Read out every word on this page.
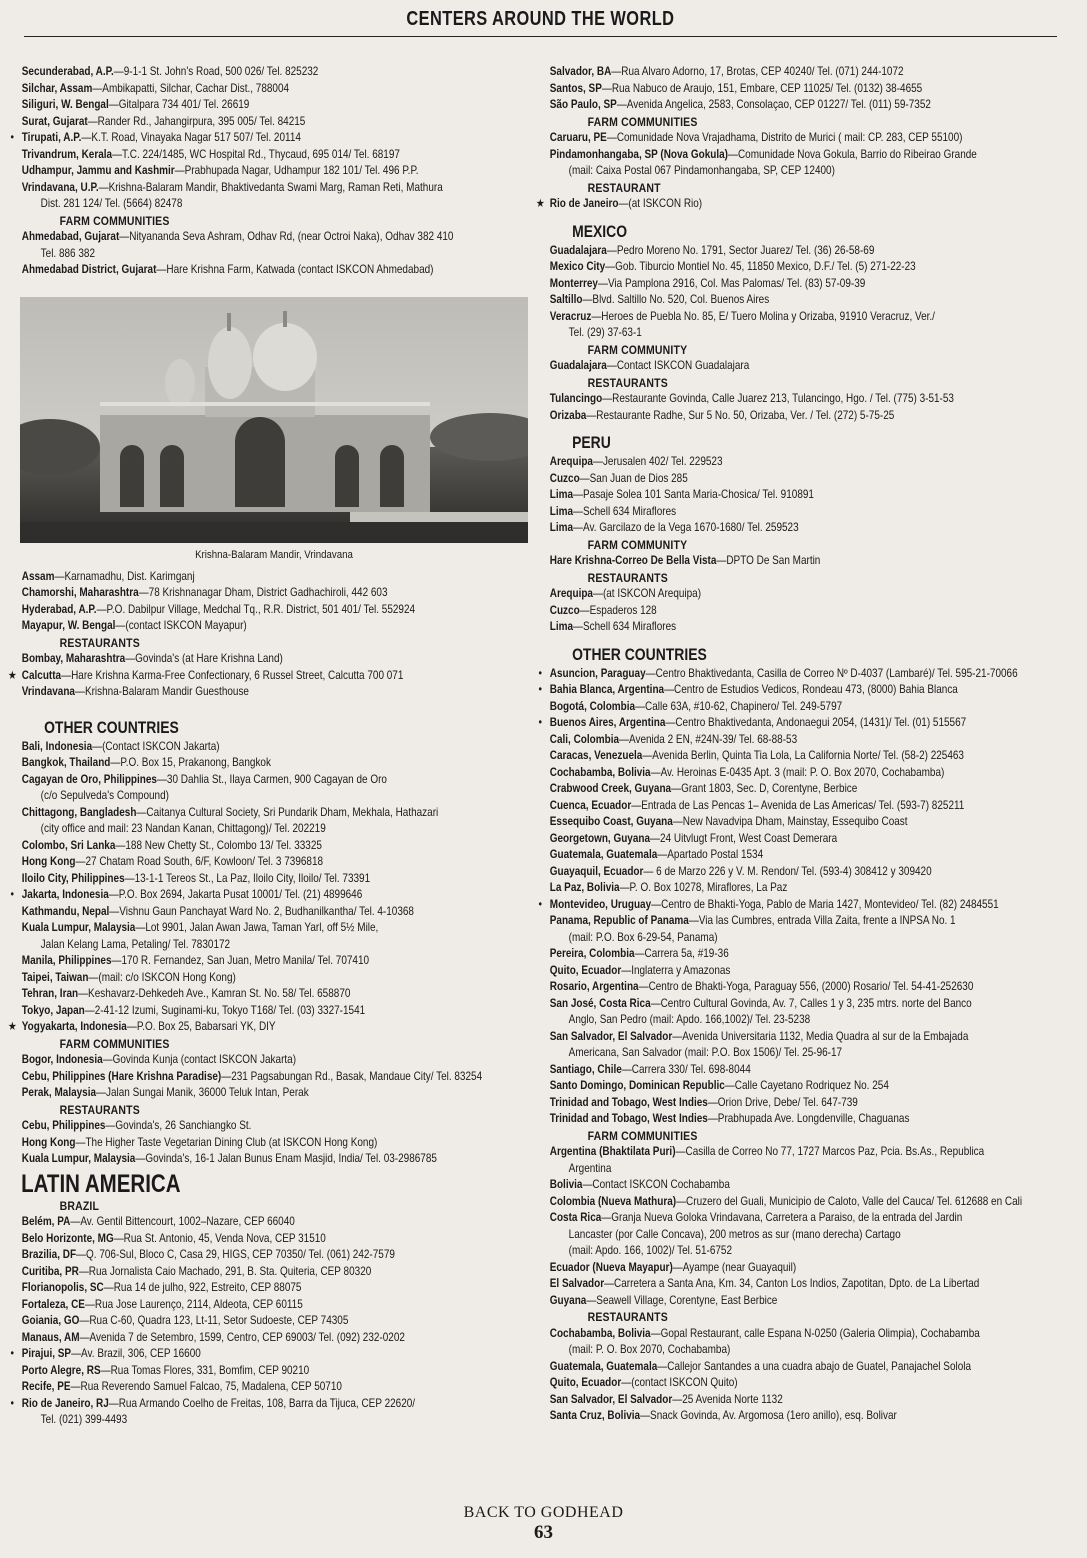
CENTERS AROUND THE WORLD
Secunderabad, A.P.—9-1-1 St. John's Road, 500 026/ Tel. 825232
Silchar, Assam—Ambikapatti, Silchar, Cachar Dist., 788004
Siliguri, W. Bengal—Gitalpara 734 401/ Tel. 26619
Surat, Gujarat—Rander Rd., Jahangirpura, 395 005/ Tel. 84215
• Tirupati, A.P.—K.T. Road, Vinayaka Nagar 517 507/ Tel. 20114
Trivandrum, Kerala—T.C. 224/1485, WC Hospital Rd., Thycaud, 695 014/ Tel. 68197
Udhampur, Jammu and Kashmir—Prabhupada Nagar, Udhampur 182 101/ Tel. 496 P.P.
Vrindavana, U.P.—Krishna-Balaram Mandir, Bhaktivedanta Swami Marg, Raman Reti, Mathura
Dist. 281 124/ Tel. (5664) 82478
FARM COMMUNITIES
Ahmedabad, Gujarat—Nityananda Seva Ashram, Odhav Rd, (near Octroi Naka), Odhav 382 410
Tel. 886 382
Ahmedabad District, Gujarat—Hare Krishna Farm, Katwada (contact ISKCON Ahmedabad)
Krishna-Balaram Mandir, Vrindavana
Assam—Karnamadhu, Dist. Karimganj
Chamorshi, Maharashtra—78 Krishnanagar Dham, District Gadhachiroli, 442 603
Hyderabad, A.P.—P.O. Dabilpur Village, Medchal Tq., R.R. District, 501 401/ Tel. 552924
Mayapur, W. Bengal—(contact ISKCON Mayapur)
RESTAURANTS
Bombay, Maharashtra—Govinda's (at Hare Krishna Land)
★ Calcutta—Hare Krishna Karma-Free Confectionary, 6 Russel Street, Calcutta 700 071
Vrindavana—Krishna-Balaram Mandir Guesthouse
OTHER COUNTRIES
Bali, Indonesia—(Contact ISKCON Jakarta)
Bangkok, Thailand—P.O. Box 15, Prakanong, Bangkok
Cagayan de Oro, Philippines—30 Dahlia St., Ilaya Carmen, 900 Cagayan de Oro
(c/o Sepulveda's Compound)
Chittagong, Bangladesh—Caitanya Cultural Society, Sri Pundarik Dham, Mekhala, Hathazari
(city office and mail: 23 Nandan Kanan, Chittagong)/ Tel. 202219
Colombo, Sri Lanka—188 New Chetty St., Colombo 13/ Tel. 33325
Hong Kong—27 Chatam Road South, 6/F, Kowloon/ Tel. 3 7396818
Iloilo City, Philippines—13-1-1 Tereos St., La Paz, Iloilo City, Iloilo/ Tel. 73391
• Jakarta, Indonesia—P.O. Box 2694, Jakarta Pusat 10001/ Tel. (21) 4899646
Kathmandu, Nepal—Vishnu Gaun Panchayat Ward No. 2, Budhanilkantha/ Tel. 4-10368
Kuala Lumpur, Malaysia—Lot 9901, Jalan Awan Jawa, Taman Yarl, off 5½ Mile,
Jalan Kelang Lama, Petaling/ Tel. 7830172
Manila, Philippines—170 R. Fernandez, San Juan, Metro Manila/ Tel. 707410
Taipei, Taiwan—(mail: c/o ISKCON Hong Kong)
Tehran, Iran—Keshavarz-Dehkedeh Ave., Kamran St. No. 58/ Tel. 658870
Tokyo, Japan—2-41-12 Izumi, Suginami-ku, Tokyo T168/ Tel. (03) 3327-1541
★ Yogyakarta, Indonesia—P.O. Box 25, Babarsari YK, DIY
FARM COMMUNITIES
Bogor, Indonesia—Govinda Kunja (contact ISKCON Jakarta)
Cebu, Philippines (Hare Krishna Paradise)—231 Pagsabungan Rd., Basak, Mandaue City/ Tel. 83254
Perak, Malaysia—Jalan Sungai Manik, 36000 Teluk Intan, Perak
RESTAURANTS
Cebu, Philippines—Govinda's, 26 Sanchiangko St.
Hong Kong—The Higher Taste Vegetarian Dining Club (at ISKCON Hong Kong)
Kuala Lumpur, Malaysia—Govinda's, 16-1 Jalan Bunus Enam Masjid, India/ Tel. 03-2986785
LATIN AMERICA
BRAZIL
Belém, PA—Av. Gentil Bittencourt, 1002–Nazare, CEP 66040
Belo Horizonte, MG—Rua St. Antonio, 45, Venda Nova, CEP 31510
Brazilia, DF—Q. 706-Sul, Bloco C, Casa 29, HIGS, CEP 70350/ Tel. (061) 242-7579
Curitiba, PR—Rua Jornalista Caio Machado, 291, B. Sta. Quiteria, CEP 80320
Florianopolis, SC—Rua 14 de julho, 922, Estreito, CEP 88075
Fortaleza, CE—Rua Jose Laurenço, 2114, Aldeota, CEP 60115
Goiania, GO—Rua C-60, Quadra 123, Lt-11, Setor Sudoeste, CEP 74305
Manaus, AM—Avenida 7 de Setembro, 1599, Centro, CEP 69003/ Tel. (092) 232-0202
• Pirajui, SP—Av. Brazil, 306, CEP 16600
Porto Alegre, RS—Rua Tomas Flores, 331, Bomfim, CEP 90210
Recife, PE—Rua Reverendo Samuel Falcao, 75, Madalena, CEP 50710
• Rio de Janeiro, RJ—Rua Armando Coelho de Freitas, 108, Barra da Tijuca, CEP 22620/
Tel. (021) 399-4493
Salvador, BA—Rua Alvaro Adorno, 17, Brotas, CEP 40240/ Tel. (071) 244-1072
Santos, SP—Rua Nabuco de Araujo, 151, Embare, CEP 11025/ Tel. (0132) 38-4655
São Paulo, SP—Avenida Angelica, 2583, Consolaçao, CEP 01227/ Tel. (011) 59-7352
FARM COMMUNITIES
Caruaru, PE—Comunidade Nova Vrajadhama, Distrito de Murici ( mail: CP. 283, CEP 55100)
Pindamonhangaba, SP (Nova Gokula)—Comunidade Nova Gokula, Barrio do Ribeirao Grande
(mail: Caixa Postal 067 Pindamonhangaba, SP, CEP 12400)
RESTAURANT
★ Rio de Janeiro—(at ISKCON Rio)
MEXICO
Guadalajara—Pedro Moreno No. 1791, Sector Juarez/ Tel. (36) 26-58-69
Mexico City—Gob. Tiburcio Montiel No. 45, 11850 Mexico, D.F./ Tel. (5) 271-22-23
Monterrey—Via Pamplona 2916, Col. Mas Palomas/ Tel. (83) 57-09-39
Saltillo—Blvd. Saltillo No. 520, Col. Buenos Aires
Veracruz—Heroes de Puebla No. 85, E/ Tuero Molina y Orizaba, 91910 Veracruz, Ver./
Tel. (29) 37-63-1
FARM COMMUNITY
Guadalajara—Contact ISKCON Guadalajara
RESTAURANTS
Tulancingo—Restaurante Govinda, Calle Juarez 213, Tulancingo, Hgo. / Tel. (775) 3-51-53
Orizaba—Restaurante Radhe, Sur 5 No. 50, Orizaba, Ver. / Tel. (272) 5-75-25
PERU
Arequipa—Jerusalen 402/ Tel. 229523
Cuzco—San Juan de Dios 285
Lima—Pasaje Solea 101 Santa Maria-Chosica/ Tel. 910891
Lima—Schell 634 Miraflores
Lima—Av. Garcilazo de la Vega 1670-1680/ Tel. 259523
FARM COMMUNITY
Hare Krishna-Correo De Bella Vista—DPTO De San Martin
RESTAURANTS
Arequipa—(at ISKCON Arequipa)
Cuzco—Espaderos 128
Lima—Schell 634 Miraflores
OTHER COUNTRIES
• Asuncion, Paraguay—Centro Bhaktivedanta, Casilla de Correo Nº D-4037 (Lambaré)/ Tel. 595-21-70066
• Bahia Blanca, Argentina—Centro de Estudios Vedicos, Rondeau 473, (8000) Bahia Blanca
Bogotá, Colombia—Calle 63A, #10-62, Chapinero/ Tel. 249-5797
• Buenos Aires, Argentina—Centro Bhaktivedanta, Andonaegui 2054, (1431)/ Tel. (01) 515567
Cali, Colombia—Avenida 2 EN, #24N-39/ Tel. 68-88-53
Caracas, Venezuela—Avenida Berlin, Quinta Tia Lola, La California Norte/ Tel. (58-2) 225463
Cochabamba, Bolivia—Av. Heroinas E-0435 Apt. 3 (mail: P. O. Box 2070, Cochabamba)
Crabwood Creek, Guyana—Grant 1803, Sec. D, Corentyne, Berbice
Cuenca, Ecuador—Entrada de Las Pencas 1– Avenida de Las Americas/ Tel. (593-7) 825211
Essequibo Coast, Guyana—New Navadvipa Dham, Mainstay, Essequibo Coast
Georgetown, Guyana—24 Uitvlugt Front, West Coast Demerara
Guatemala, Guatemala—Apartado Postal 1534
Guayaquil, Ecuador— 6 de Marzo 226 y V. M. Rendon/ Tel. (593-4) 308412 y 309420
La Paz, Bolivia—P. O. Box 10278, Miraflores, La Paz
• Montevideo, Uruguay—Centro de Bhakti-Yoga, Pablo de Maria 1427, Montevideo/ Tel. (82) 2484551
Panama, Republic of Panama—Via las Cumbres, entrada Villa Zaita, frente a INPSA No. 1
(mail: P.O. Box 6-29-54, Panama)
Pereira, Colombia—Carrera 5a, #19-36
Quito, Ecuador—Inglaterra y Amazonas
Rosario, Argentina—Centro de Bhakti-Yoga, Paraguay 556, (2000) Rosario/ Tel. 54-41-252630
San José, Costa Rica—Centro Cultural Govinda, Av. 7, Calles 1 y 3, 235 mtrs. norte del Banco
Anglo, San Pedro (mail: Apdo. 166,1002)/ Tel. 23-5238
San Salvador, El Salvador—Avenida Universitaria 1132, Media Quadra al sur de la Embajada
Americana, San Salvador (mail: P.O. Box 1506)/ Tel. 25-96-17
Santiago, Chile—Carrera 330/ Tel. 698-8044
Santo Domingo, Dominican Republic—Calle Cayetano Rodriquez No. 254
Trinidad and Tobago, West Indies—Orion Drive, Debe/ Tel. 647-739
Trinidad and Tobago, West Indies—Prabhupada Ave. Longdenville, Chaguanas
FARM COMMUNITIES
Argentina (Bhaktilata Puri)—Casilla de Correo No 77, 1727 Marcos Paz, Pcia. Bs.As., Republica
Argentina
Bolivia—Contact ISKCON Cochabamba
Colombia (Nueva Mathura)—Cruzero del Guali, Municipio de Caloto, Valle del Cauca/ Tel. 612688 en Cali
Costa Rica—Granja Nueva Goloka Vrindavana, Carretera a Paraiso, de la entrada del Jardin
Lancaster (por Calle Concava), 200 metros as sur (mano derecha) Cartago
(mail: Apdo. 166, 1002)/ Tel. 51-6752
Ecuador (Nueva Mayapur)—Ayampe (near Guayaquil)
El Salvador—Carretera a Santa Ana, Km. 34, Canton Los Indios, Zapotitan, Dpto. de La Libertad
Guyana—Seawell Village, Corentyne, East Berbice
RESTAURANTS
Cochabamba, Bolivia—Gopal Restaurant, calle Espana N-0250 (Galeria Olimpia), Cochabamba
(mail: P. O. Box 2070, Cochabamba)
Guatemala, Guatemala—Callejor Santandes a una cuadra abajo de Guatel, Panajachel Solola
Quito, Ecuador—(contact ISKCON Quito)
San Salvador, El Salvador—25 Avenida Norte 1132
Santa Cruz, Bolivia—Snack Govinda, Av. Argomosa (1ero anillo), esq. Bolivar
BACK TO GODHEAD
63
